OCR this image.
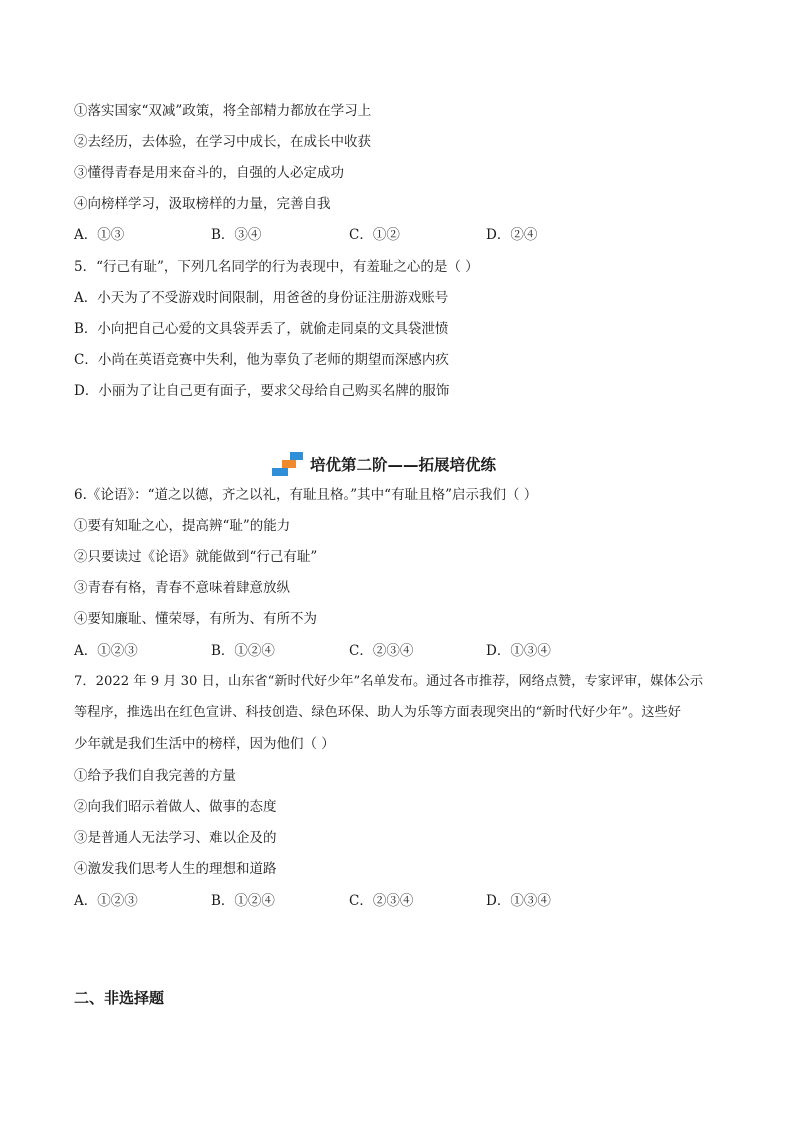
①落实国家“双减”政策，将全部精力都放在学习上
②去经历，去体验，在学习中成长，在成长中收获
③懂得青春是用来奋斗的，自强的人必定成功
④向榜样学习，汲取榜样的力量，完善自我
A．①③	B．③④	C．①②	D．②④
5．“行己有耻”，下列几名同学的行为表现中，有羞耻之心的是（ ）
A．小天为了不受游戏时间限制，用爸爸的身份证注册游戏账号
B．小向把自己心爱的文具袋弄丢了，就偷走同桌的文具袋泄愤
C．小尚在英语竞赛中失利，他为辜负了老师的期望而深感内疚
D．小丽为了让自己更有面子，要求父母给自己购买名牌的服饰
培优第二阶——拓展培优练
6.《论语》：“道之以德，齐之以礼，有耻且格。”其中“有耻且格”启示我们（ ）
①要有知耻之心，提高辨“耻”的能力
②只要读过《论语》就能做到“行己有耻”
③青春有格，青春不意味着肆意放纵
④要知廉耻、懂荣辱，有所为、有所不为
A．①②③	B．①②④	C．②③④	D．①③④
7．2022 年 9 月 30 日，山东省“新时代好少年”名单发布。通过各市推荐，网络点赞，专家评审，媒体公示
等程序，推选出在红色宣讲、科技创造、绿色环保、助人为乐等方面表现突出的“新时代好少年”。这些好
少年就是我们生活中的榜样，因为他们（ ）
①给予我们自我完善的方量
②向我们昭示着做人、做事的态度
③是普通人无法学习、难以企及的
④激发我们思考人生的理想和道路
A．①②③	B．①②④	C．②③④	D．①③④
二、非选择题
